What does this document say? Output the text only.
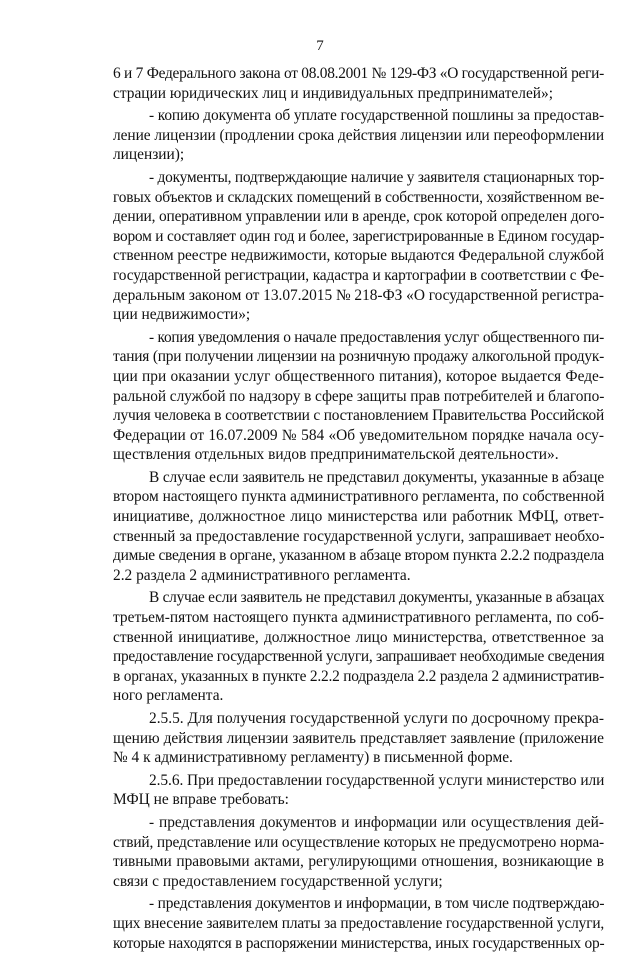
7
6 и 7 Федерального закона от 08.08.2001 № 129-ФЗ «О государственной реги-
страции юридических лиц и индивидуальных предпринимателей»;
- копию документа об уплате государственной пошлины за предостав-
ление лицензии (продлении срока действия лицензии или переоформлении
лицензии);
- документы, подтверждающие наличие у заявителя стационарных тор-
говых объектов и складских помещений в собственности, хозяйственном ве-
дении, оперативном управлении или в аренде, срок которой определен дого-
вором и составляет один год и более, зарегистрированные в Едином государ-
ственном реестре недвижимости, которые выдаются Федеральной службой
государственной регистрации, кадастра и картографии в соответствии с Фе-
деральным законом от 13.07.2015 № 218-ФЗ «О государственной регистра-
ции недвижимости»;
- копия уведомления о начале предоставления услуг общественного пи-
тания (при получении лицензии на розничную продажу алкогольной продук-
ции при оказании услуг общественного питания), которое выдается Феде-
ральной службой по надзору в сфере защиты прав потребителей и благопо-
лучия человека в соответствии с постановлением Правительства Российской
Федерации от 16.07.2009 № 584 «Об уведомительном порядке начала осу-
ществления отдельных видов предпринимательской деятельности».
В случае если заявитель не представил документы, указанные в абзаце
втором настоящего пункта административного регламента, по собственной
инициативе, должностное лицо министерства или работник МФЦ, ответ-
ственный за предоставление государственной услуги, запрашивает необхо-
димые сведения в органе, указанном в абзаце втором пункта 2.2.2 подраздела
2.2 раздела 2 административного регламента.
В случае если заявитель не представил документы, указанные в абзацах
третьем-пятом настоящего пункта административного регламента, по соб-
ственной инициативе, должностное лицо министерства, ответственное за
предоставление государственной услуги, запрашивает необходимые сведения
в органах, указанных в пункте 2.2.2 подраздела 2.2 раздела 2 административ-
ного регламента.
2.5.5. Для получения государственной услуги по досрочному прекра-
щению действия лицензии заявитель представляет заявление (приложение
№ 4 к административному регламенту) в письменной форме.
2.5.6. При предоставлении государственной услуги министерство или
МФЦ не вправе требовать:
- представления документов и информации или осуществления дей-
ствий, представление или осуществление которых не предусмотрено норма-
тивными правовыми актами, регулирующими отношения, возникающие в
связи с предоставлением государственной услуги;
- представления документов и информации, в том числе подтверждаю-
щих внесение заявителем платы за предоставление государственной услуги,
которые находятся в распоряжении министерства, иных государственных ор-
